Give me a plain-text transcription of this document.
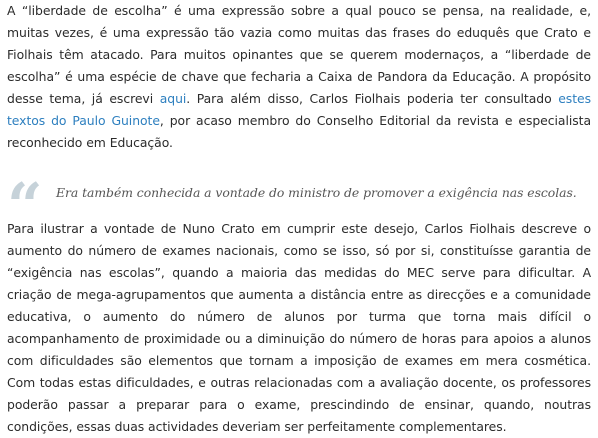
A “liberdade de escolha” é uma expressão sobre a qual pouco se pensa, na realidade, e, muitas vezes, é uma expressão tão vazia como muitas das frases do eduquês que Crato e Fiolhais têm atacado. Para muitos opinantes que se querem modernaços, a “liberdade de escolha” é uma espécie de chave que fecharia a Caixa de Pandora da Educação. A propósito desse tema, já escrevi aqui. Para além disso, Carlos Fiolhais poderia ter consultado estes textos do Paulo Guinote, por acaso membro do Conselho Editorial da revista e especialista reconhecido em Educação.

“ Era também conhecida a vontade do ministro de promover a exigência nas escolas.

Para ilustrar a vontade de Nuno Crato em cumprir este desejo, Carlos Fiolhais descreve o aumento do número de exames nacionais, como se isso, só por si, constituísse garantia de “exigência nas escolas”, quando a maioria das medidas do MEC serve para dificultar. A criação de mega-agrupamentos que aumenta a distância entre as direcções e a comunidade educativa, o aumento do número de alunos por turma que torna mais difícil o acompanhamento de proximidade ou a diminuição do número de horas para apoios a alunos com dificuldades são elementos que tornam a imposição de exames em mera cosmética. Com todas estas dificuldades, e outras relacionadas com a avaliação docente, os professores poderão passar a preparar para o exame, prescindindo de ensinar, quando, noutras condições, essas duas actividades deveriam ser perfeitamente complementares.
